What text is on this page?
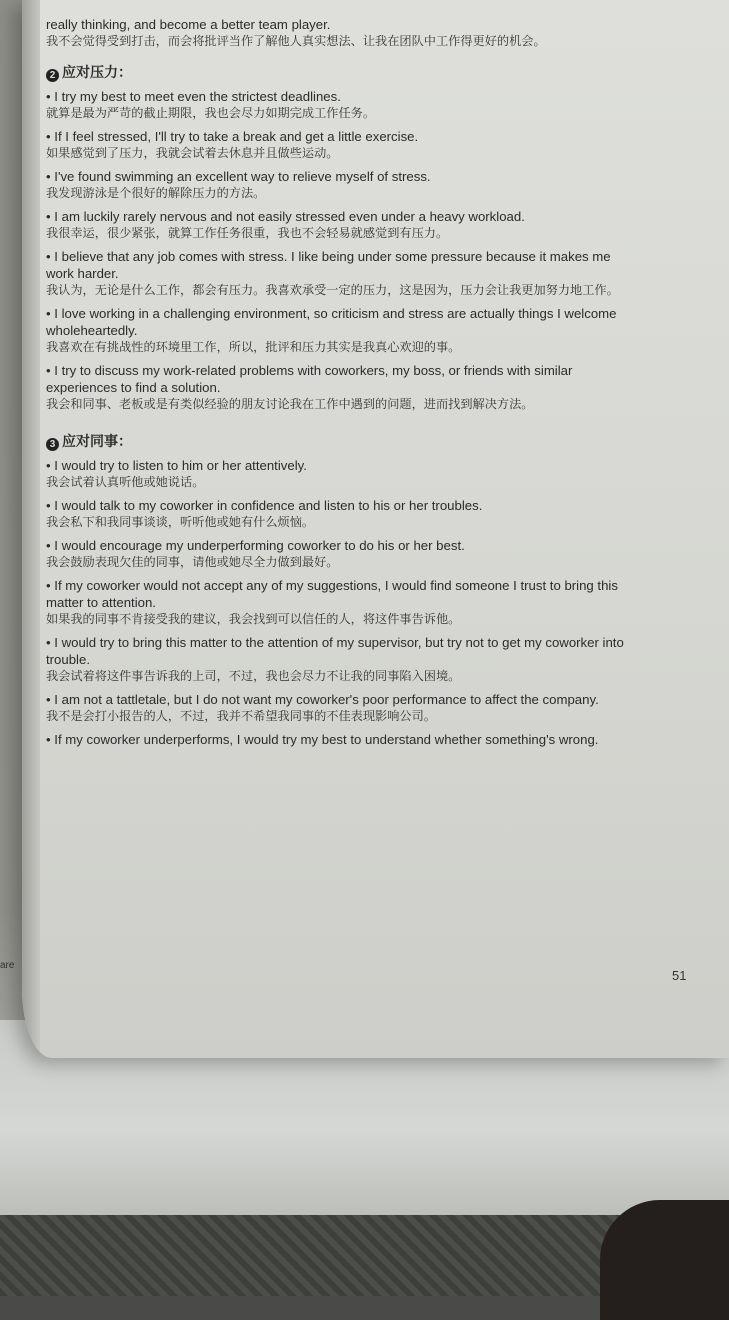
are

really thinking, and become a better team player.

我不会觉得受到打击，而会将批评当作了解他人真实想法、让我在团队中工作得更好的机会。

2 应对压力：

• I try my best to meet even the strictest deadlines.

就算是最为严苛的截止期限，我也会尽力如期完成工作任务。

• If I feel stressed, I'll try to take a break and get a little exercise.

如果感觉到了压力，我就会试着去休息并且做些运动。

• I've found swimming an excellent way to relieve myself of stress.

我发现游泳是个很好的解除压力的方法。

• I am luckily rarely nervous and not easily stressed even under a heavy workload.

我很幸运，很少紧张，就算工作任务很重，我也不会轻易就感觉到有压力。

• I believe that any job comes with stress. I like being under some pressure because it makes me

work harder.

我认为，无论是什么工作，都会有压力。我喜欢承受一定的压力，这是因为，压力会让我更加努力地工作。

• I love working in a challenging environment, so criticism and stress are actually things I welcome

wholeheartedly.

我喜欢在有挑战性的环境里工作，所以，批评和压力其实是我真心欢迎的事。

• I try to discuss my work-related problems with coworkers, my boss, or friends with similar

experiences to find a solution.

我会和同事、老板或是有类似经验的朋友讨论我在工作中遇到的问题，进而找到解决方法。

3 应对同事：

• I would try to listen to him or her attentively.

我会试着认真听他或她说话。

• I would talk to my coworker in confidence and listen to his or her troubles.

我会私下和我同事谈谈，听听他或她有什么烦恼。

• I would encourage my underperforming coworker to do his or her best.

我会鼓励表现欠佳的同事，请他或她尽全力做到最好。

• If my coworker would not accept any of my suggestions, I would find someone I trust to bring this

matter to attention.

如果我的同事不肯接受我的建议，我会找到可以信任的人，将这件事告诉他。

• I would try to bring this matter to the attention of my supervisor, but try not to get my coworker into

trouble.

我会试着将这件事告诉我的上司，不过，我也会尽力不让我的同事陷入困境。

• I am not a tattletale, but I do not want my coworker's poor performance to affect the company.

我不是会打小报告的人，不过，我并不希望我同事的不佳表现影响公司。

• If my coworker underperforms, I would try my best to understand whether something's wrong.

51
